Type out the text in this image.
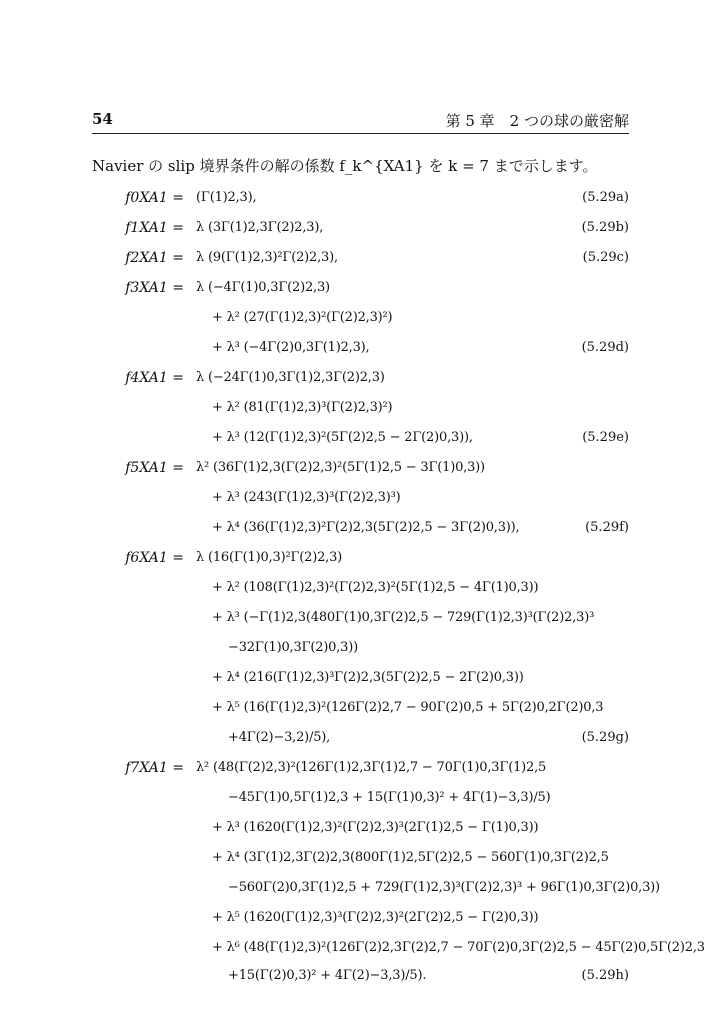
54	第 5 章　2 つの球の厳密解
Navier の slip 境界条件の解の係数 f_k^{XA1} を k = 7 まで示します。
f0XA1 = (Γ(1)2,3),	(5.29a)
f1XA1 = λ (3Γ(1)2,3Γ(2)2,3),	(5.29b)
f2XA1 = λ (9(Γ(1)2,3)²Γ(2)2,3),	(5.29c)
f3XA1 = λ (−4Γ(1)0,3Γ(2)2,3)
+ λ² (27(Γ(1)2,3)²(Γ(2)2,3)²)
+ λ³ (−4Γ(2)0,3Γ(1)2,3),	(5.29d)
f4XA1 = λ (−24Γ(1)0,3Γ(1)2,3Γ(2)2,3)
+ λ² (81(Γ(1)2,3)³(Γ(2)2,3)²)
+ λ³ (12(Γ(1)2,3)²(5Γ(2)2,5 − 2Γ(2)0,3)),	(5.29e)
f5XA1 = λ² (36Γ(1)2,3(Γ(2)2,3)²(5Γ(1)2,5 − 3Γ(1)0,3))
+ λ³ (243(Γ(1)2,3)³(Γ(2)2,3)³)
+ λ⁴ (36(Γ(1)2,3)²Γ(2)2,3(5Γ(2)2,5 − 3Γ(2)0,3)),	(5.29f)
f6XA1 = λ (16(Γ(1)0,3)²Γ(2)2,3)
+ λ² (108(Γ(1)2,3)²(Γ(2)2,3)²(5Γ(1)2,5 − 4Γ(1)0,3))
+ λ³ (−Γ(1)2,3(480Γ(1)0,3Γ(2)2,5 − 729(Γ(1)2,3)³(Γ(2)2,3)³
−32Γ(1)0,3Γ(2)0,3))
+ λ⁴ (216(Γ(1)2,3)³Γ(2)2,3(5Γ(2)2,5 − 2Γ(2)0,3))
+ λ⁵ (16(Γ(1)2,3)²(126Γ(2)2,7 − 90Γ(2)0,5 + 5Γ(2)0,2Γ(2)0,3
+4Γ(2)−3,2)/5),	(5.29g)
f7XA1 = λ² (48(Γ(2)2,3)²(126Γ(1)2,3Γ(1)2,7 − 70Γ(1)0,3Γ(1)2,5
−45Γ(1)0,5Γ(1)2,3 + 15(Γ(1)0,3)² + 4Γ(1)−3,3)/5)
+ λ³ (1620(Γ(1)2,3)²(Γ(2)2,3)³(2Γ(1)2,5 − Γ(1)0,3))
+ λ⁴ (3Γ(1)2,3Γ(2)2,3(800Γ(1)2,5Γ(2)2,5 − 560Γ(1)0,3Γ(2)2,5
−560Γ(2)0,3Γ(1)2,5 + 729(Γ(1)2,3)³(Γ(2)2,3)³ + 96Γ(1)0,3Γ(2)0,3))
+ λ⁵ (1620(Γ(1)2,3)³(Γ(2)2,3)²(2Γ(2)2,5 − Γ(2)0,3))
+ λ⁶ (48(Γ(1)2,3)²(126Γ(2)2,3Γ(2)2,7 − 70Γ(2)0,3Γ(2)2,5 − 45Γ(2)0,5Γ(2)2,3
+15(Γ(2)0,3)² + 4Γ(2)−3,3)/5).	(5.29h)
